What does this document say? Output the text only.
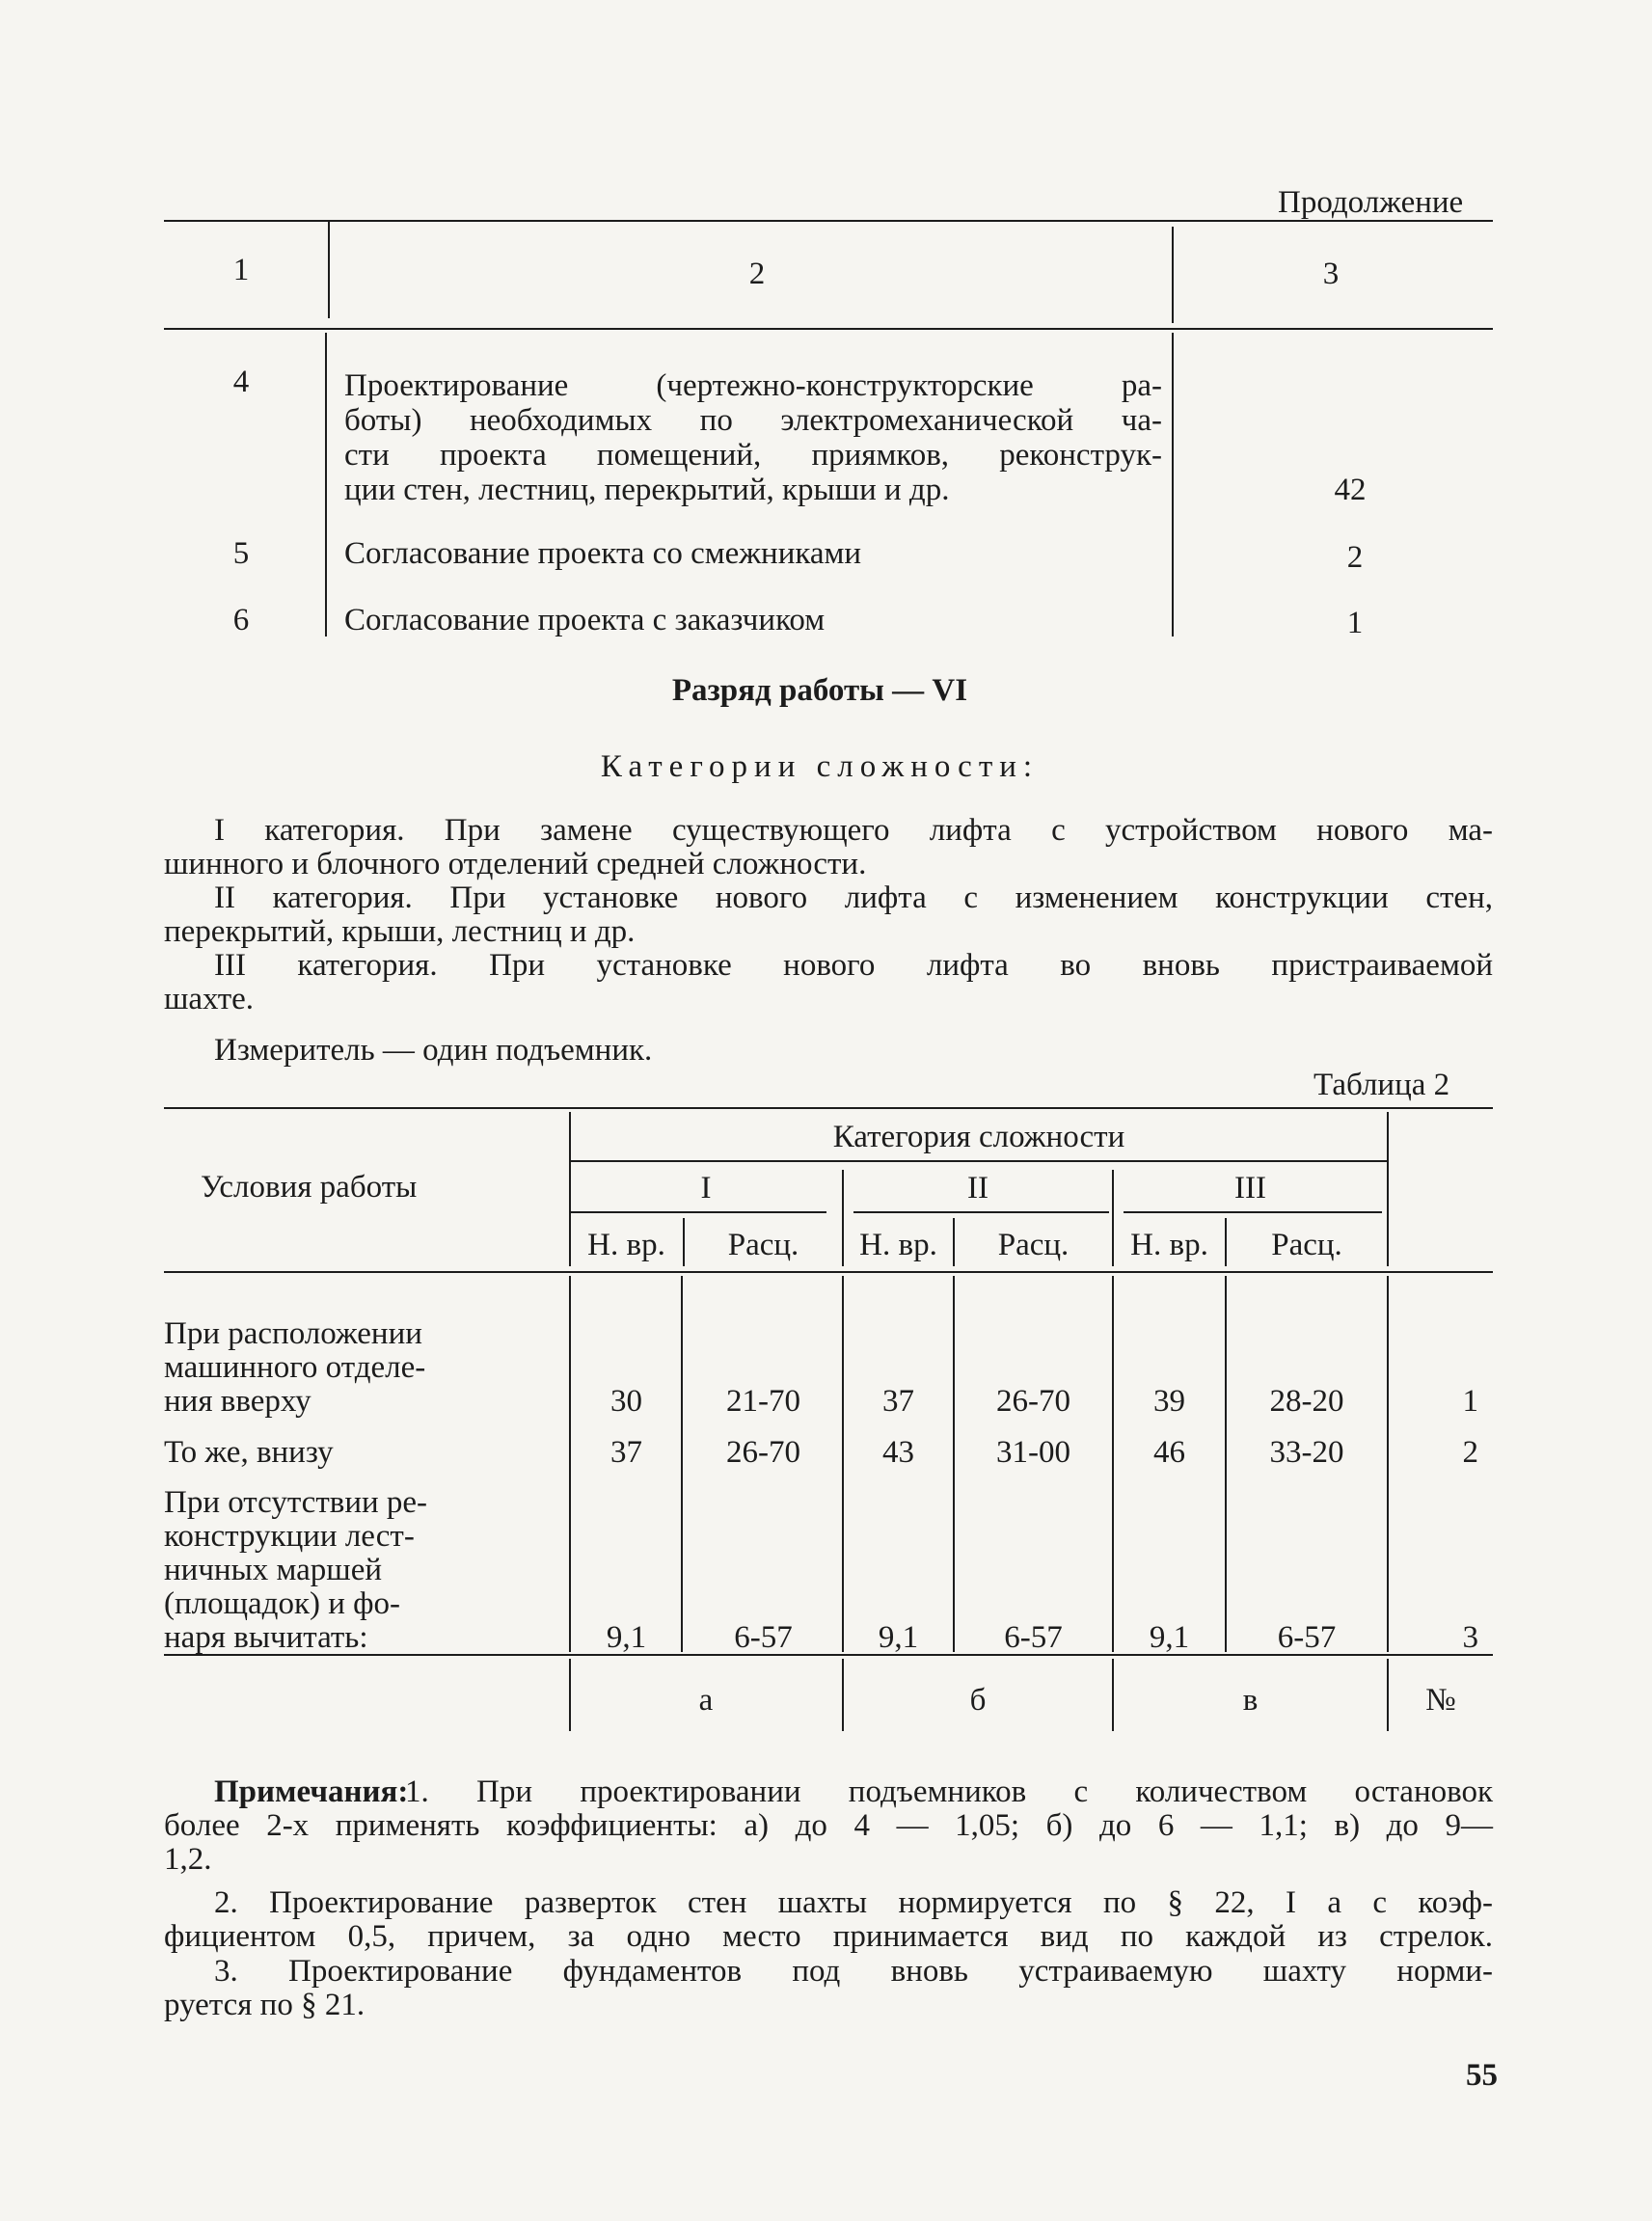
Продолжение
1	2	3
4	Проектирование (чертежно-конструкторские ра-
боты) необходимых по электромеханической ча-
сти проекта помещений, приямков, реконструк-
ции стен, лестниц, перекрытий, крыши и др.	42
5	Согласование проекта со смежниками	2
6	Согласование проекта с заказчиком	1
Разряд работы — VI
Категории сложности:
I категория. При замене существующего лифта с устройством нового ма-
шинного и блочного отделений средней сложности.
II категория. При установке нового лифта с изменением конструкции стен,
перекрытий, крыши, лестниц и др.
III категория. При установке нового лифта во вновь пристраиваемой
шахте.
Измеритель — один подъемник.
Таблица 2
Условия работы
Категория сложности
I	II	III
Н. вр.	Расц.	Н. вр.	Расц.	Н. вр.	Расц.
При расположении
машинного отделе-
ния вверху	30	21-70	37	26-70	39	28-20	1
То же, внизу	37	26-70	43	31-00	46	33-20	2
При отсутствии ре-
конструкции лест-
ничных маршей
(площадок) и фо-
наря вычитать:	9,1	6-57	9,1	6-57	9,1	6-57	3
а	б	в	№
Примечания:
1. При проектировании подъемников с количеством остановок
более 2-х применять коэффициенты: а) до 4 — 1,05; б) до 6 — 1,1; в) до 9—
1,2.
2. Проектирование разверток стен шахты нормируется по § 22, I а с коэф-
фициентом 0,5, причем, за одно место принимается вид по каждой из стрелок.
3. Проектирование фундаментов под вновь устраиваемую шахту норми-
руется по § 21.
55
